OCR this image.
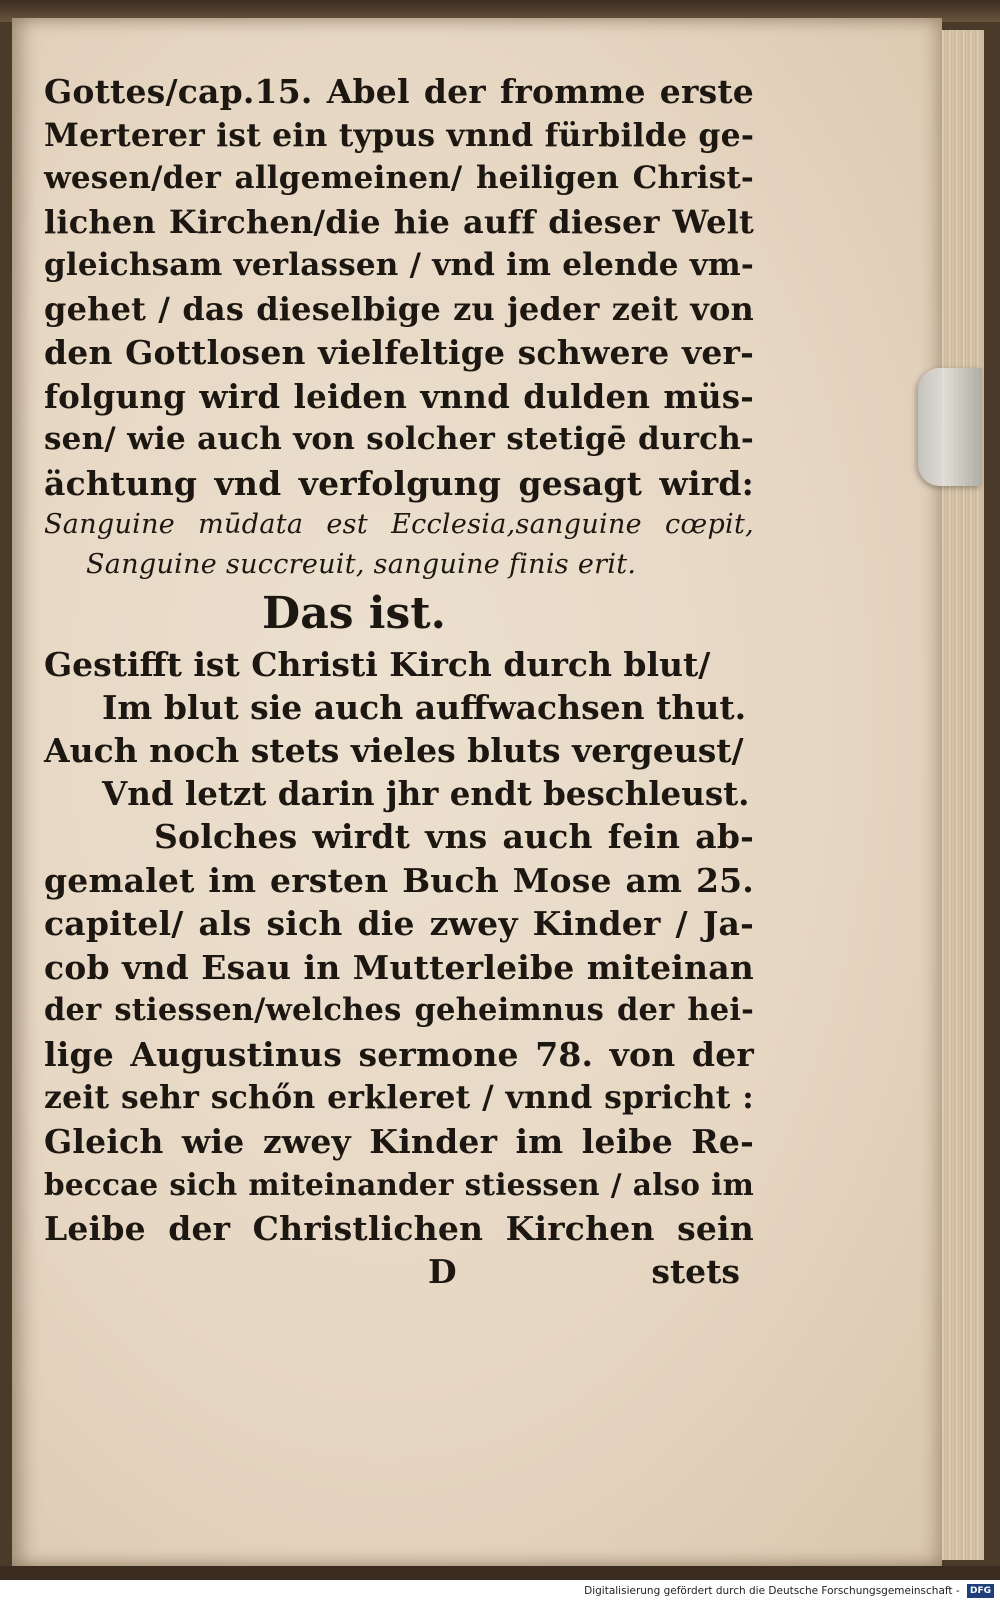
Gottes/cap.15. Abel der fromme erste
Merterer ist ein typus vnnd fürbilde ge-
wesen/der allgemeinen/ heiligen Christ-
lichen Kirchen/die hie auff dieser Welt
gleichsam verlassen / vnd im elende vm-
gehet / das dieselbige zu jeder zeit von
den Gottlosen vielfeltige schwere ver-
folgung wird leiden vnnd dulden müs-
sen/ wie auch von solcher stetigē durch-
ächtung vnd verfolgung gesagt wird:
Sanguine mūdata est Ecclesia,sanguine cœpit,
Sanguine succreuit, sanguine finis erit.
Das ist.
Gestifft ist Christi Kirch durch blut/
Im blut sie auch auffwachsen thut.
Auch noch stets vieles bluts vergeust/
Vnd letzt darin jhr endt beschleust.
Solches wirdt vns auch fein ab-
gemalet im ersten Buch Mose am 25.
capitel/ als sich die zwey Kinder / Ja-
cob vnd Esau in Mutterleibe miteinan
der stiessen/welches geheimnus der hei-
lige Augustinus sermone 78. von der
zeit sehr schőn erkleret / vnnd spricht :
Gleich wie zwey Kinder im leibe Re-
beccae sich miteinander stiessen / also im
Leibe der Christlichen Kirchen sein
D	stets
Digitalisierung gefördert durch die Deutsche Forschungsgemeinschaft - DFG
